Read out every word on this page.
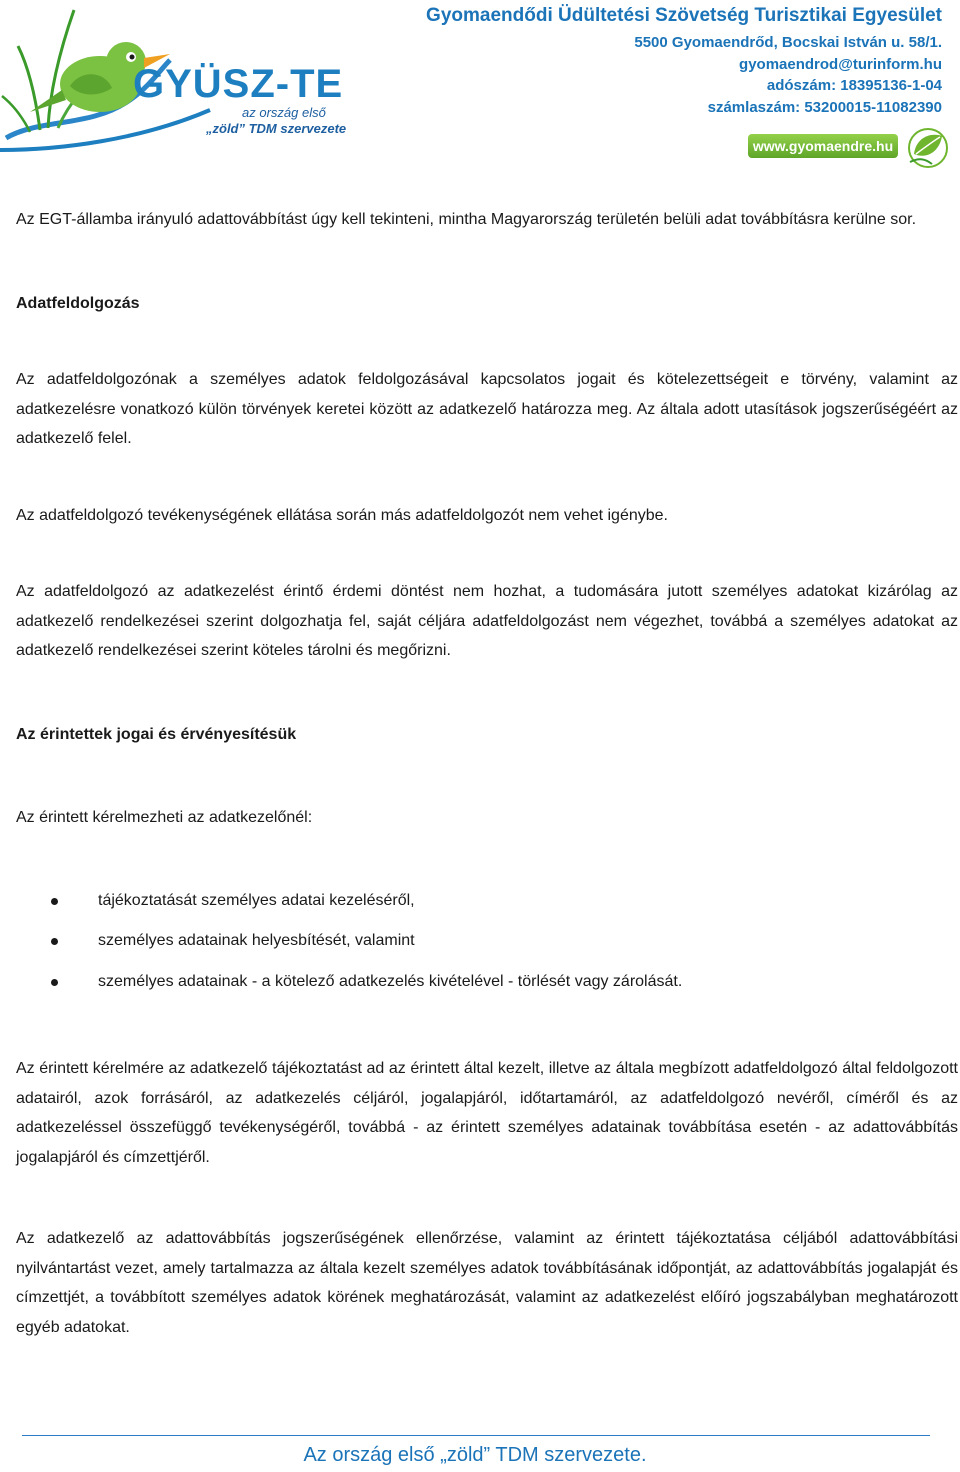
GYÜSZ-TE
az ország első
„zöld” TDM szervezete
Gyomaendődi Üdültetési Szövetség Turisztikai Egyesület
5500 Gyomaendrőd, Bocskai István u. 58/1.
gyomaendrod@turinform.hu
adószám: 18395136-1-04
számlaszám: 53200015-11082390
www.gyomaendre.hu

Az EGT-államba irányuló adattovábbítást úgy kell tekinteni, mintha Magyarország területén belüli adat továbbításra kerülne sor.

Adatfeldolgozás

Az adatfeldolgozónak a személyes adatok feldolgozásával kapcsolatos jogait és kötelezettségeit e törvény, valamint az adatkezelésre vonatkozó külön törvények keretei között az adatkezelő határozza meg. Az általa adott utasítások jogszerűségéért az adatkezelő felel.

Az adatfeldolgozó tevékenységének ellátása során más adatfeldolgozót nem vehet igénybe.

Az adatfeldolgozó az adatkezelést érintő érdemi döntést nem hozhat, a tudomására jutott személyes adatokat kizárólag az adatkezelő rendelkezései szerint dolgozhatja fel, saját céljára adatfeldolgozást nem végezhet, továbbá a személyes adatokat az adatkezelő rendelkezései szerint köteles tárolni és megőrizni.

Az érintettek jogai és érvényesítésük

Az érintett kérelmezheti az adatkezelőnél:

tájékoztatását személyes adatai kezeléséről,
személyes adatainak helyesbítését, valamint
személyes adatainak - a kötelező adatkezelés kivételével - törlését vagy zárolását.

Az érintett kérelmére az adatkezelő tájékoztatást ad az érintett által kezelt, illetve az általa megbízott adatfeldolgozó által feldolgozott adatairól, azok forrásáról, az adatkezelés céljáról, jogalapjáról, időtartamáról, az adatfeldolgozó nevéről, címéről és az adatkezeléssel összefüggő tevékenységéről, továbbá - az érintett személyes adatainak továbbítása esetén - az adattovábbítás jogalapjáról és címzettjéről.

Az adatkezelő az adattovábbítás jogszerűségének ellenőrzése, valamint az érintett tájékoztatása céljából adattovábbítási nyilvántartást vezet, amely tartalmazza az általa kezelt személyes adatok továbbításának időpontját, az adattovábbítás jogalapját és címzettjét, a továbbított személyes adatok körének meghatározását, valamint az adatkezelést előíró jogszabályban meghatározott egyéb adatokat.

Az ország első „zöld” TDM szervezete.
